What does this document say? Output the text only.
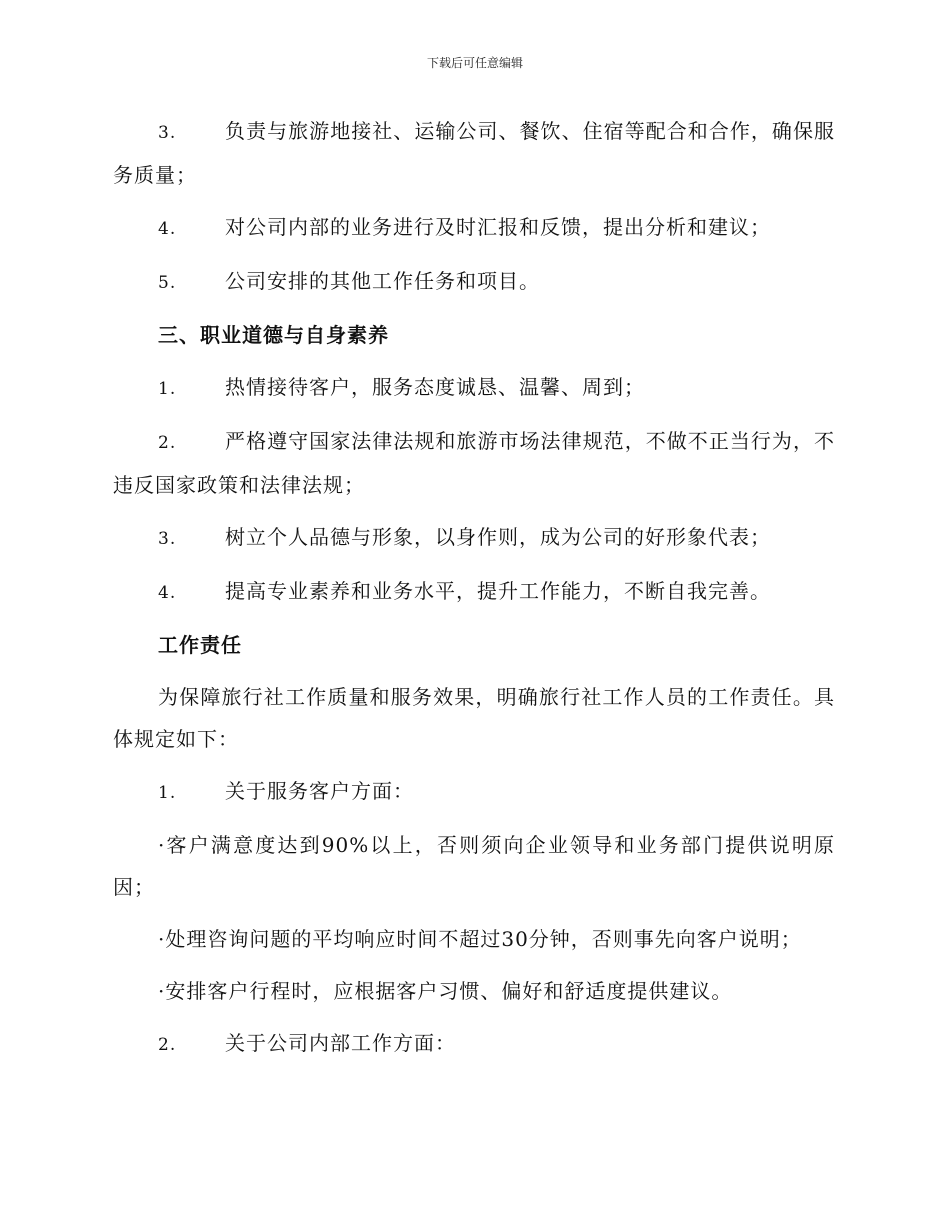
下载后可任意编辑

3. 负责与旅游地接社、运输公司、餐饮、住宿等配合和合作，确保服务质量；

4.	对公司内部的业务进行及时汇报和反馈，提出分析和建议；

5.	公司安排的其他工作任务和项目。

三、职业道德与自身素养

1.	热情接待客户，服务态度诚恳、温馨、周到；

2. 严格遵守国家法律法规和旅游市场法律规范，不做不正当行为，不违反国家政策和法律法规；

3.	树立个人品德与形象，以身作则，成为公司的好形象代表；

4.	提高专业素养和业务水平，提升工作能力，不断自我完善。

工作责任

为保障旅行社工作质量和服务效果，明确旅行社工作人员的工作责任。具体规定如下：

1.	关于服务客户方面：

·客户满意度达到90%以上，否则须向企业领导和业务部门提供说明原因；

·处理咨询问题的平均响应时间不超过30分钟，否则事先向客户说明；

·安排客户行程时，应根据客户习惯、偏好和舒适度提供建议。

2.	关于公司内部工作方面：
